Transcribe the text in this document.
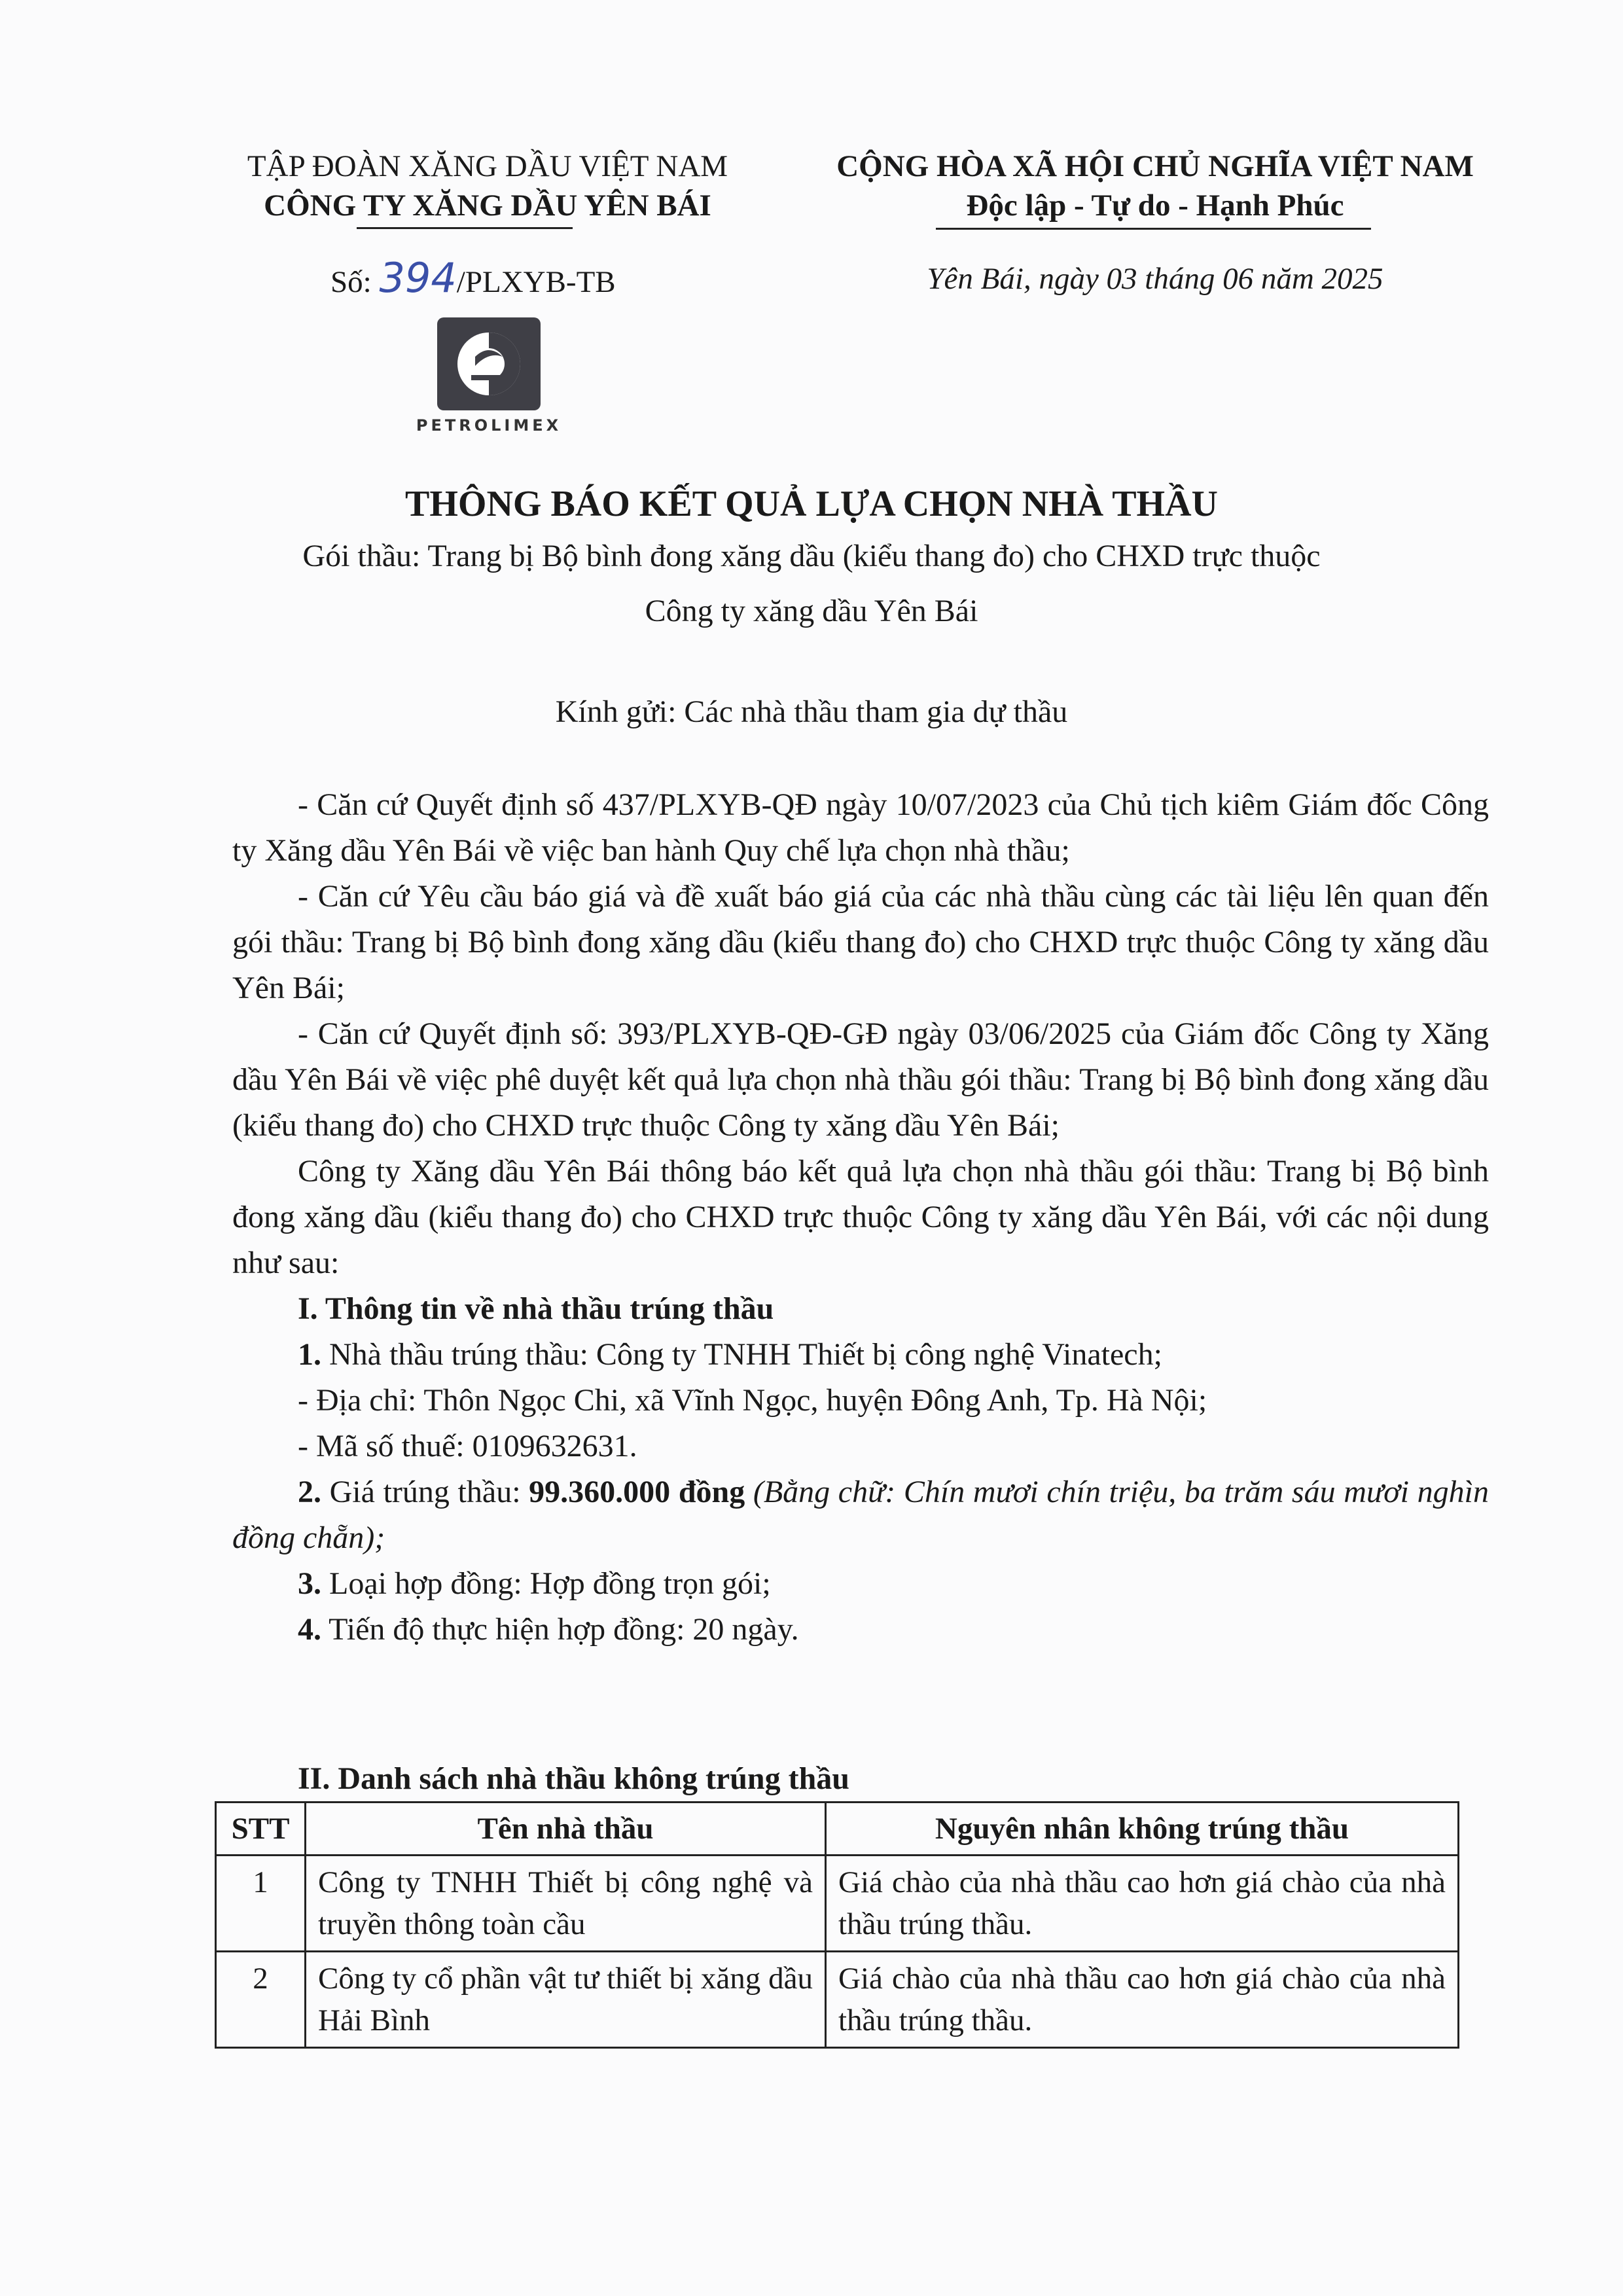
TẬP ĐOÀN XĂNG DẦU VIỆT NAM
CÔNG TY XĂNG DẦU YÊN BÁI
Số: 394/PLXYB-TB
PETROLIMEX
CỘNG HÒA XÃ HỘI CHỦ NGHĨA VIỆT NAM
Độc lập - Tự do - Hạnh Phúc
Yên Bái, ngày 03 tháng 06 năm 2025
THÔNG BÁO KẾT QUẢ LỰA CHỌN NHÀ THẦU
Gói thầu: Trang bị Bộ bình đong xăng dầu (kiểu thang đo) cho CHXD trực thuộc
Công ty xăng dầu Yên Bái
Kính gửi: Các nhà thầu tham gia dự thầu

- Căn cứ Quyết định số 437/PLXYB-QĐ ngày 10/07/2023 của Chủ tịch kiêm Giám đốc Công ty Xăng dầu Yên Bái về việc ban hành Quy chế lựa chọn nhà thầu;

- Căn cứ Yêu cầu báo giá và đề xuất báo giá của các nhà thầu cùng các tài liệu lên quan đến gói thầu: Trang bị Bộ bình đong xăng dầu (kiểu thang đo) cho CHXD trực thuộc Công ty xăng dầu Yên Bái;

- Căn cứ Quyết định số: 393/PLXYB-QĐ-GĐ ngày 03/06/2025 của Giám đốc Công ty Xăng dầu Yên Bái về việc phê duyệt kết quả lựa chọn nhà thầu gói thầu: Trang bị Bộ bình đong xăng dầu (kiểu thang đo) cho CHXD trực thuộc Công ty xăng dầu Yên Bái;

Công ty Xăng dầu Yên Bái thông báo kết quả lựa chọn nhà thầu gói thầu: Trang bị Bộ bình đong xăng dầu (kiểu thang đo) cho CHXD trực thuộc Công ty xăng dầu Yên Bái, với các nội dung như sau:

I. Thông tin về nhà thầu trúng thầu

1. Nhà thầu trúng thầu: Công ty TNHH Thiết bị công nghệ Vinatech;

- Địa chỉ: Thôn Ngọc Chi, xã Vĩnh Ngọc, huyện Đông Anh, Tp. Hà Nội;

- Mã số thuế: 0109632631.

2. Giá trúng thầu: 99.360.000 đồng (Bằng chữ: Chín mươi chín triệu, ba trăm sáu mươi nghìn đồng chẵn);

3. Loại hợp đồng: Hợp đồng trọn gói;

4. Tiến độ thực hiện hợp đồng: 20 ngày.

II. Danh sách nhà thầu không trúng thầu
STT	Tên nhà thầu	Nguyên nhân không trúng thầu
1	Công ty TNHH Thiết bị công nghệ và truyền thông toàn cầu	Giá chào của nhà thầu cao hơn giá chào của nhà thầu trúng thầu.
2	Công ty cổ phần vật tư thiết bị xăng dầu Hải Bình	Giá chào của nhà thầu cao hơn giá chào của nhà thầu trúng thầu.
